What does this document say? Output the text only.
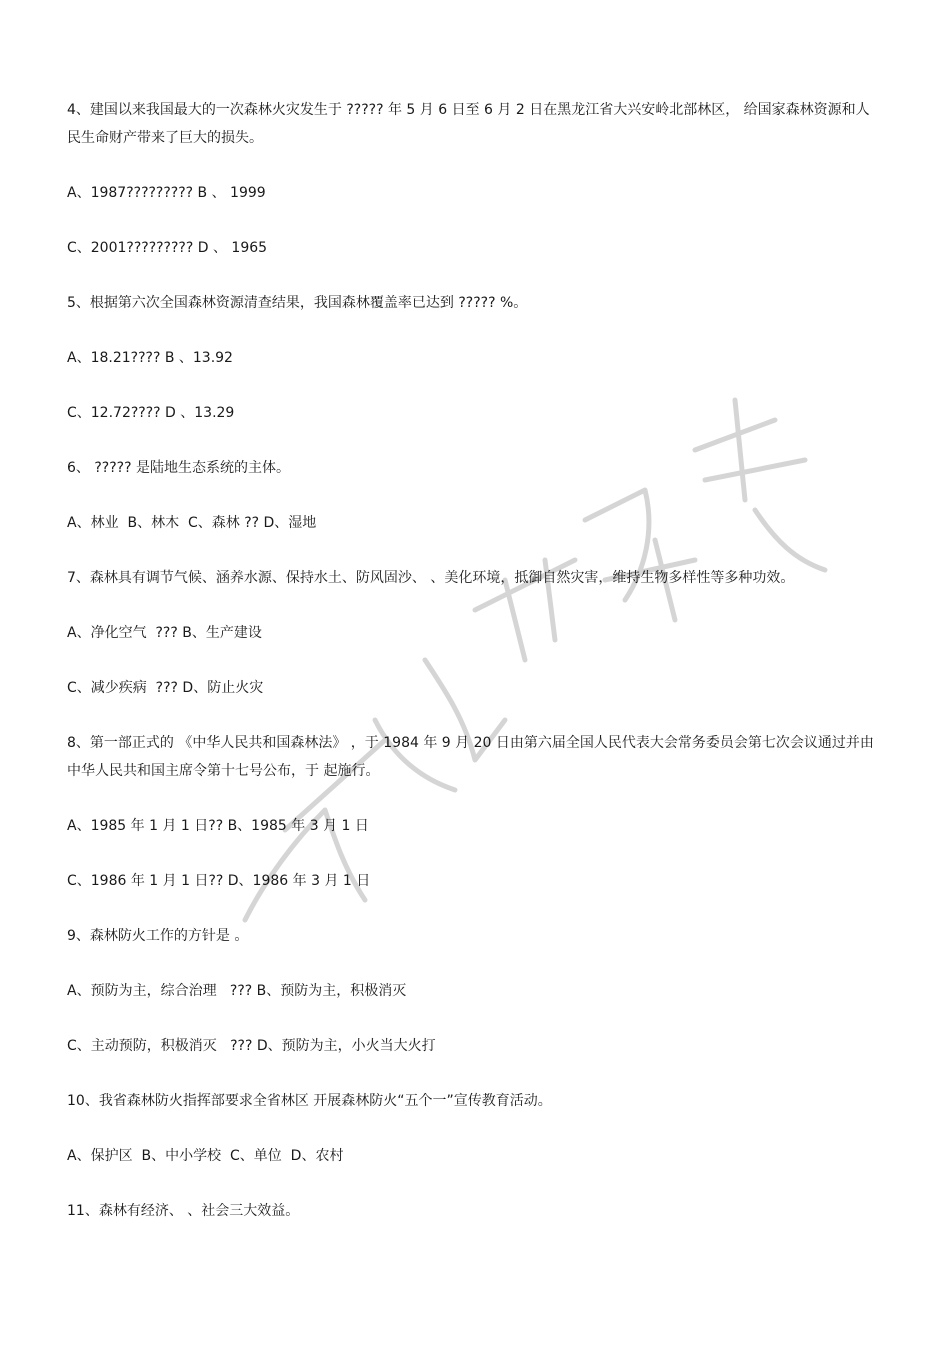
4、建国以来我国最大的一次森林火灾发生于 ????? 年 5 月 6 日至 6 月 2 日在黑龙江省大兴安岭北部林区， 给国家森林资源和人民生命财产带来了巨大的损失。

A、1987????????? B 、 1999

C、2001????????? D 、 1965

5、根据第六次全国森林资源清查结果，我国森林覆盖率已达到 ????? %。

A、18.21???? B 、13.92

C、12.72???? D 、13.29

6、 ????? 是陆地生态系统的主体。

A、林业  B、林木  C、森林 ?? D、湿地

7、森林具有调节气候、涵养水源、保持水土、防风固沙、 、美化环境，抵御自然灾害，维持生物多样性等多种功效。

A、净化空气  ??? B、生产建设

C、减少疾病  ??? D、防止火灾

8、第一部正式的 《中华人民共和国森林法》 ，于 1984 年 9 月 20 日由第六届全国人民代表大会常务委员会第七次会议通过并由中华人民共和国主席令第十七号公布，于 起施行。

A、1985 年 1 月 1 日?? B、1985 年 3 月 1 日

C、1986 年 1 月 1 日?? D、1986 年 3 月 1 日

9、森林防火工作的方针是 。

A、预防为主，综合治理   ??? B、预防为主，积极消灭

C、主动预防，积极消灭   ??? D、预防为主，小火当大火打

10、我省森林防火指挥部要求全省林区 开展森林防火“五个一”宣传教育活动。

A、保护区  B、中小学校  C、单位  D、农村

11、森林有经济、 、社会三大效益。
